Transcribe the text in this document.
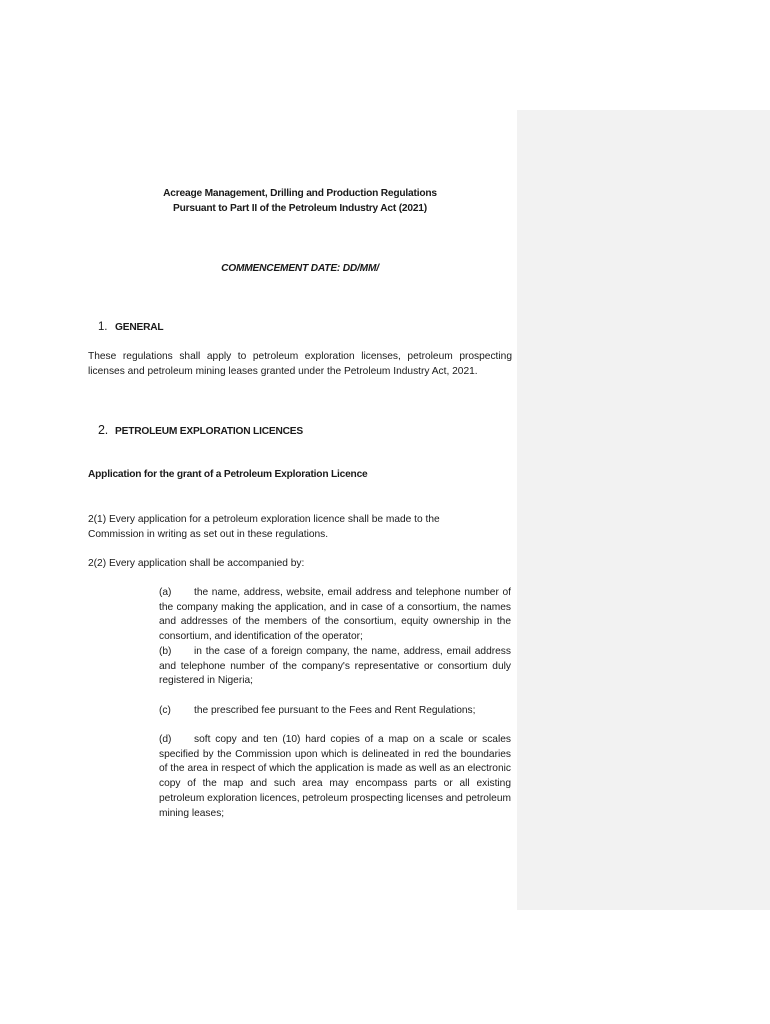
Acreage Management, Drilling and Production Regulations
Pursuant to Part II of the Petroleum Industry Act (2021)
COMMENCEMENT DATE: DD/MM/
1. GENERAL
These regulations shall apply to petroleum exploration licenses, petroleum prospecting licenses and petroleum mining leases granted under the Petroleum Industry Act, 2021.
2. PETROLEUM EXPLORATION LICENCES
Application for the grant of a Petroleum Exploration Licence
2(1) Every application for a petroleum exploration licence shall be made to the Commission in writing as set out in these regulations.
2(2) Every application shall be accompanied by:
(a) the name, address, website, email address and telephone number of the company making the application, and in case of a consortium, the names and addresses of the members of the consortium, equity ownership in the consortium, and identification of the operator;
(b) in the case of a foreign company, the name, address, email address and telephone number of the company's representative or consortium duly registered in Nigeria;
(c) the prescribed fee pursuant to the Fees and Rent Regulations;
(d) soft copy and ten (10) hard copies of a map on a scale or scales specified by the Commission upon which is delineated in red the boundaries of the area in respect of which the application is made as well as an electronic copy of the map and such area may encompass parts or all existing petroleum exploration licences, petroleum prospecting licenses and petroleum mining leases;
